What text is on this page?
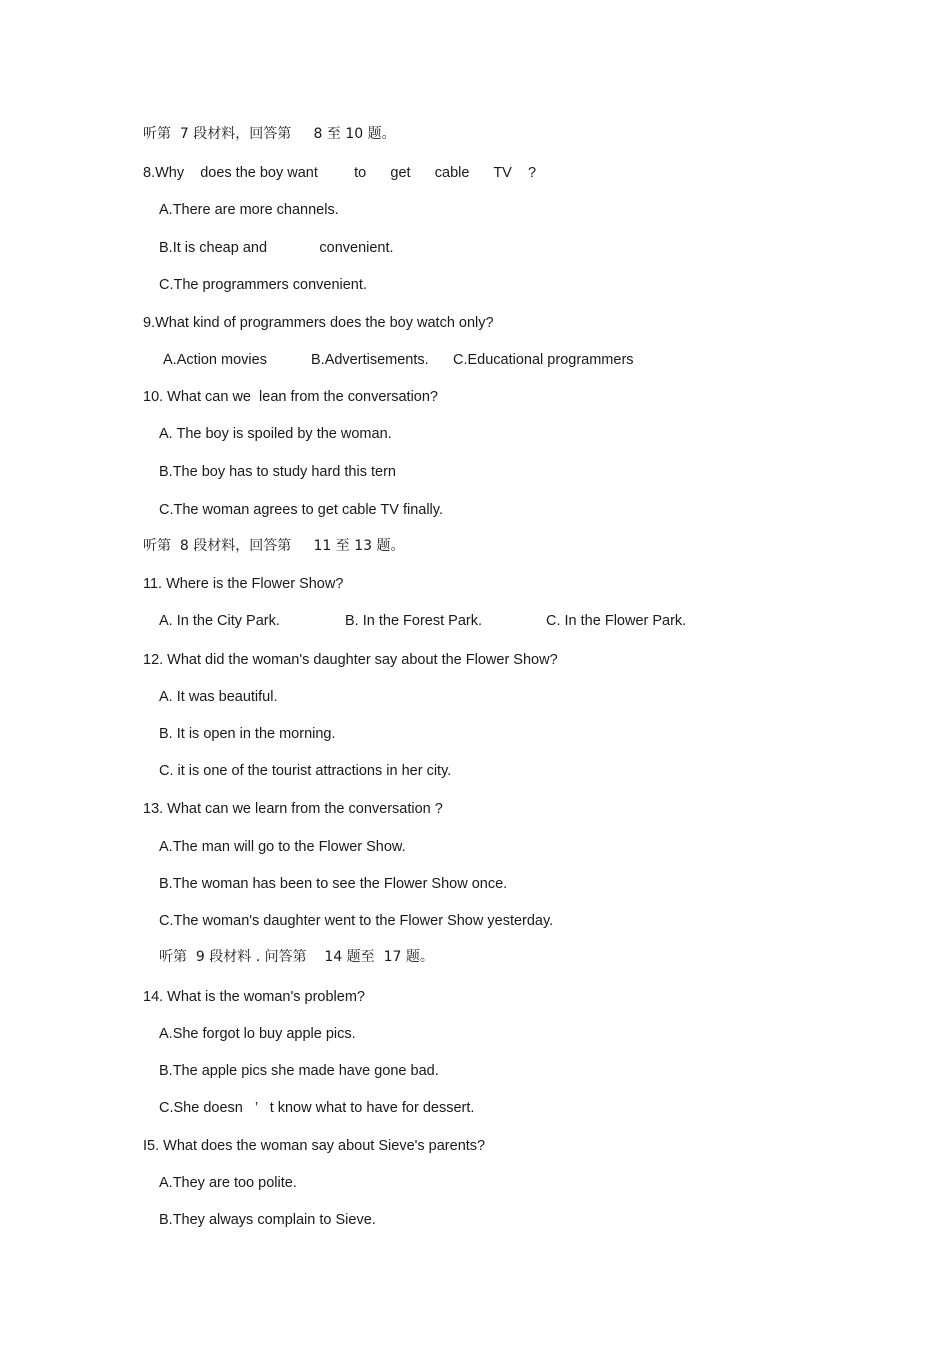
听第  7 段材料，回答第     8 至 10 题。
8.Why    does the boy want         to      get      cable      TV    ?
A.There are more channels.
B.It is cheap and             convenient.
C.The programmers convenient.
9.What kind of programmers does the boy watch only?
A.Action movies	B.Advertisements. C.Educational programmers
10. What can we  lean from the conversation?
A. The boy is spoiled by the woman.
B.The boy has to study hard this tern
C.The woman agrees to get cable TV finally.
听第  8 段材料，回答第     11 至 13 题。
11. Where is the Flower Show?
A. In the City Park.	B. In the Forest Park.	C. In the Flower Park.
12. What did the woman's daughter say about the Flower Show?
A. It was beautiful.
B. It is open in the morning.
C. it is one of the tourist attractions in her city.
13. What can we learn from the conversation ?
A.The man will go to the Flower Show.
B.The woman has been to see the Flower Show once.
C.The woman's daughter went to the Flower Show yesterday.
听第  9 段材料 . 问答第    14 题至  17 题。
14. What is the woman's problem?
A.She forgot lo buy apple pics.
B.The apple pics she made have gone bad.
C.She doesn   ’   t know what to have for dessert.
I5. What does the woman say about Sieve's parents?
A.They are too polite.
B.They always complain to Sieve.
